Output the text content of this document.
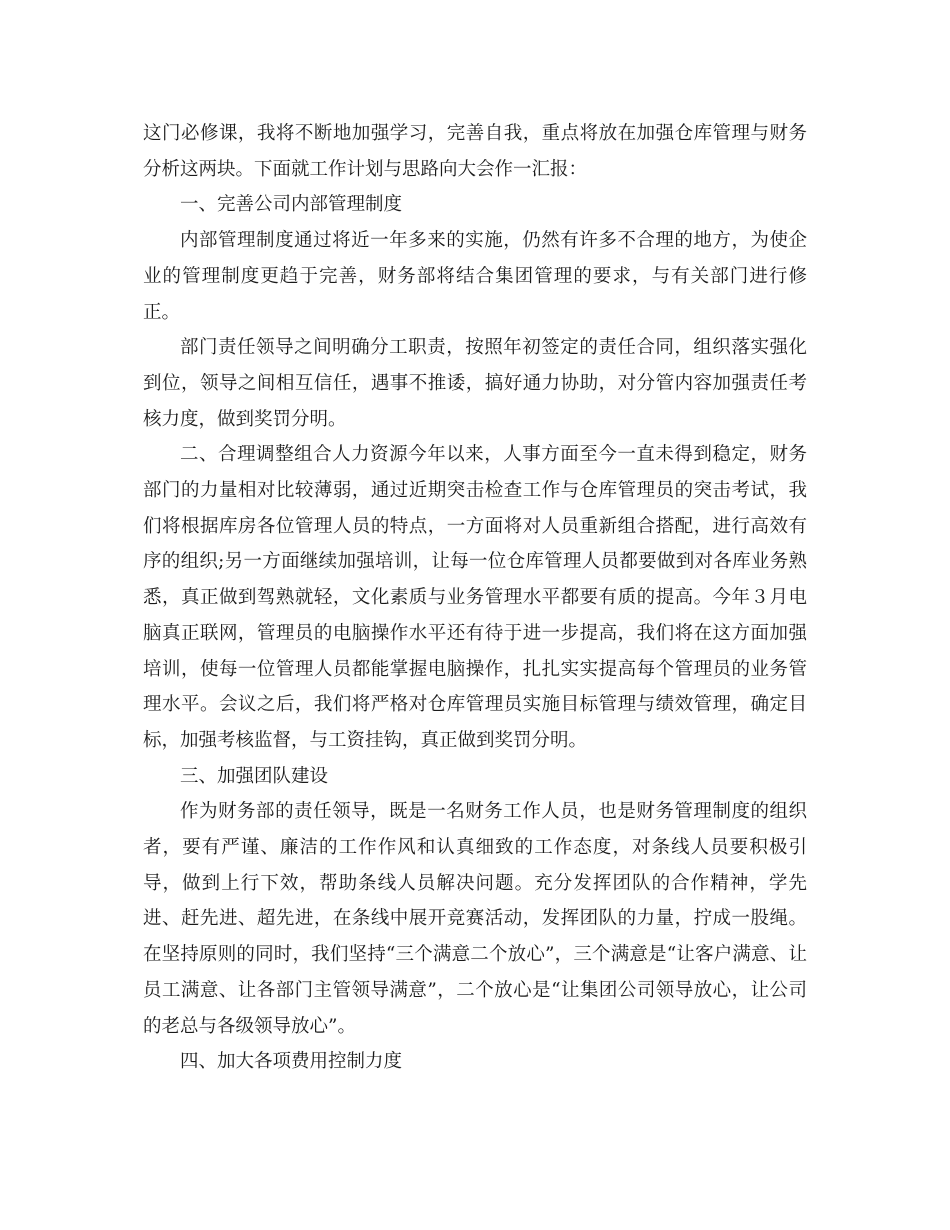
这门必修课，我将不断地加强学习，完善自我，重点将放在加强仓库管理与财务分析这两块。下面就工作计划与思路向大会作一汇报：

一、完善公司内部管理制度

内部管理制度通过将近一年多来的实施，仍然有许多不合理的地方，为使企业的管理制度更趋于完善，财务部将结合集团管理的要求，与有关部门进行修正。

部门责任领导之间明确分工职责，按照年初签定的责任合同，组织落实强化到位，领导之间相互信任，遇事不推诿，搞好通力协助，对分管内容加强责任考核力度，做到奖罚分明。

二、合理调整组合人力资源今年以来，人事方面至今一直未得到稳定，财务部门的力量相对比较薄弱，通过近期突击检查工作与仓库管理员的突击考试，我们将根据库房各位管理人员的特点，一方面将对人员重新组合搭配，进行高效有序的组织;另一方面继续加强培训，让每一位仓库管理人员都要做到对各库业务熟悉，真正做到驾熟就轻，文化素质与业务管理水平都要有质的提高。今年３月电脑真正联网，管理员的电脑操作水平还有待于进一步提高，我们将在这方面加强培训，使每一位管理人员都能掌握电脑操作，扎扎实实提高每个管理员的业务管理水平。会议之后，我们将严格对仓库管理员实施目标管理与绩效管理，确定目标，加强考核监督，与工资挂钩，真正做到奖罚分明。

三、加强团队建设

作为财务部的责任领导，既是一名财务工作人员，也是财务管理制度的组织者，要有严谨、廉洁的工作作风和认真细致的工作态度，对条线人员要积极引导，做到上行下效，帮助条线人员解决问题。充分发挥团队的合作精神，学先进、赶先进、超先进，在条线中展开竞赛活动，发挥团队的力量，拧成一股绳。在坚持原则的同时，我们坚持“三个满意二个放心”，三个满意是“让客户满意、让员工满意、让各部门主管领导满意”，二个放心是“让集团公司领导放心，让公司的老总与各级领导放心”。

四、加大各项费用控制力度
